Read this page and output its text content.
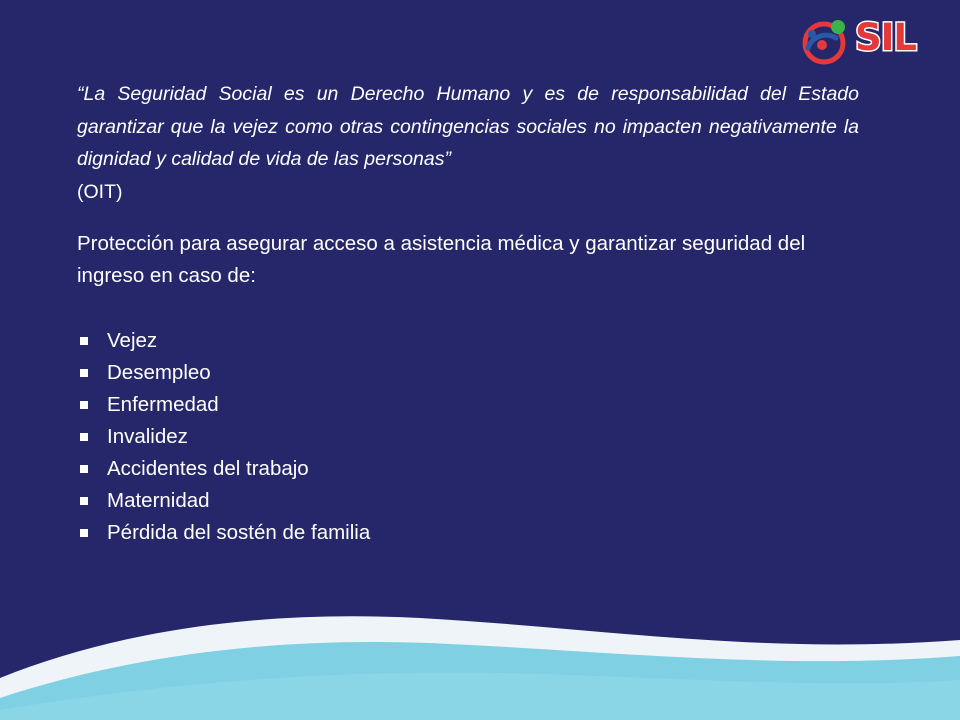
SIL

“La Seguridad Social es un Derecho Humano y es de responsabilidad del Estado garantizar que la vejez como otras contingencias sociales no impacten negativamente la dignidad y calidad de vida de las personas”
(OIT)

Protección para asegurar acceso a asistencia médica y garantizar seguridad del ingreso en caso de:

Vejez
Desempleo
Enfermedad
Invalidez
Accidentes del trabajo
Maternidad
Pérdida del sostén de familia
